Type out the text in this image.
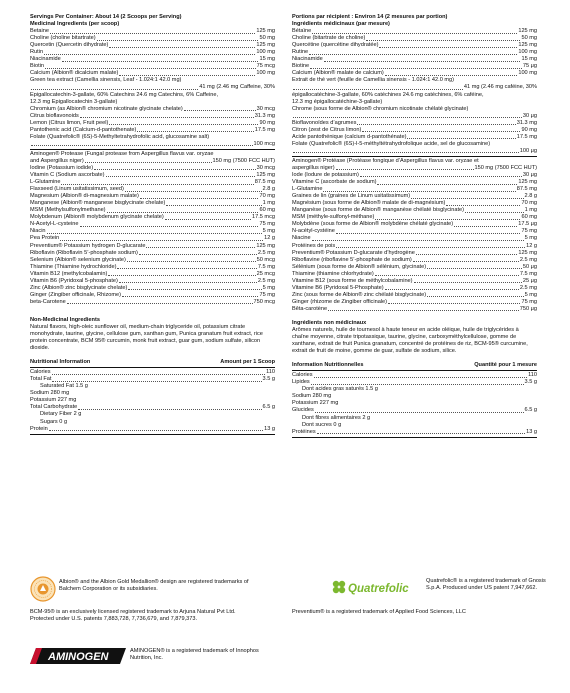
Servings Per Container: About 14 (2 Scoops per Serving)
Medicinal Ingredients (per scoop)
Betaine	125 mg
Choline (choline bitartrate)	50 mg
Quercetin (Quercetin dihydrate)	125 mg
Rutin	100 mg
Niacinamide	15 mg
Biotin	75 mcg
Calcium (Albion® dicalcium malate)	100 mg
Green tea extract (Camellia sinensis, Leaf - 1.024:1 42.0 mg)
41 mg (2.46 mg Caffeine, 30%
Epigallocatechin-3-gallate, 60% Catechins 24.6 mg Catechins, 6% Caffeine,
12.3 mg Epigallocatechin 3-gallate)
Chromium (as Albion® chromium nicotinate glycinate chelate)	30 mcg
Citrus bioflavonoids	31.3 mg
Lemon (Citrus limon, Fruit peel)	90 mg
Pantothenic acid (Calcium-d-pantothenate)	17.5 mg
Folate (Quatrefolic® (6S)-5-Methyltetrahydrofolic acid, glucosamine salt)
100 mcg
Aminogen® Protease (Fungal protease from Aspergillus flavus var. oryzae
and Aspergillus niger)	150 mg (7500 FCC HUT)
Iodine (Potassium iodide)	30 mcg
Vitamin C (Sodium ascorbate)	125 mg
L-Glutamine	87.5 mg
Flaxseed (Linum usitatissimum, seed)	2.8 g
Magnesium (Albion® di-magnesium malate)	70 mg
Manganese (Albion® manganese bisglycinate chelate)	1 mg
MSM (Methylsulfonylmethane)	60 mg
Molybdenum (Albion® molybdenum glycinate chelate)	17.5 mcg
N-Acetyl-L-cysteine	75 mg
Niacin	5 mg
Pea Protein	12 g
Preventium® Potassium hydrogen D-glucarate	125 mg
Riboflavin (Riboflavin 5’-phosphate sodium)	2.5 mg
Selenium (Albion® selenium glycinate)	50 mcg
Thiamine (Thiamine hydrochloride)	7.5 mg
Vitamin B12 (methylcobalamin)	25 mcg
Vitamin B6 (Pyridoxal 5-phosphate)	2.5 mg
Zinc (Albion® zinc bisglycinate chelate)	5 mg
Ginger (Zingiber officinale, Rhizome)	75 mg
beta-Carotene	750 mcg
Non-Medicinal Ingredients
Natural flavors, high-oleic sunflower oil, medium-chain triglyceride oil, potassium citrate monohydrate, taurine, glycine, cellulose gum, xanthan gum, Punica granatum fruit extract, rice protein concentrate, BCM 95® curcumin, monk fruit extract, guar gum, sodium sulfate, silicon dioxide.
Nutritional Information	Amount per 1 Scoop
Calories	110
Total Fat	3.5 g
Saturated Fat 1.5 g
Sodium 280 mg
Potassium 227 mg
Total Carbohydrate	6.5 g
Dietary Fiber 2 g
Sugars 0 g
Protein	13 g
Portions par récipient : Environ 14 (2 mesures par portion)
Ingrédients médicinaux (par mesure)
Bétaïne	125 mg
Choline (bitartrate de choline)	50 mg
Quercétine (quercétine dihydratée)	125 mg
Rutine	100 mg
Niacinamide	15 mg
Biotine	75 μg
Calcium (Albion® malate de calcium)	100 mg
Extrait de thé vert (feuille de Camellia sinensis - 1.024:1 42.0 mg)
41 mg (2.46 mg caféine, 30%
épigallocatéchine-3-gallate, 60% catéchines 24.6 mg catéchines, 6% caféine,
12.3 mg épigallocatéchine-3-gallate)
Chrome (sous forme de Albion® chromium nicotinate chélaté glycinate)
30 μg
Bioflavonoïdes d’agrumes	31.3 mg
Citron (zest de Citrus limon)	90 mg
Acide pantothénique (calcium d-pantothénate)	17.5 mg
Folate (Quatrefolic® (6S)-l-5-méthyltétrahydrofolique acide, sel de glucosamine)
100 μg
Aminogen® Protéase (Protéase fongique d’Aspergillus flavus var. oryzae et
aspergillus niger)	150 mg (7500 FCC HUT)
Iode (Iodure de potassium)	30 μg
Vitamine C (ascorbate de sodium)	125 mg
L-Glutamine	87.5 mg
Graines de lin (graines de Linum usitatissimum)	2.8 g
Magnésium (sous forme de Albion® malate de di-magnésium)	70 mg
Manganèse (sous forme de Albion® manganèse chélaté bisglycinate)	1 mg
MSM (méthyle-sulfonyl-méthane)	60 mg
Molybdène (sous forme de Albion® molybdène chélaté glycinate)	17.5 μg
N-acétyl-cystéine	75 mg
Niacine	5 mg
Protéines de pois	12 g
Preventium® Potassium D-glucarate d’hydrogène	125 mg
Riboflavine (riboflavine 5’-phosphate de sodium)	2.5 mg
Sélénium (sous forme de Albion® sélénium, glycinate)	50 μg
Thiamine (thiamine chlorhydrate)	7.5 mg
Vitamine B12 (sous forme de méthylcobalamine)	25 μg
Vitamine B6 (Pyridoxal 5-Phosphate)	2.5 mg
Zinc (sous forme de Albion® zinc chélaté bisglycinate)	5 mg
Ginger (rhizome de Zingiber officinale)	75 mg
Bêta-carotène	750 μg
Ingrédients non médicinaux
Arômes naturels, huile de tournesol à haute teneur en acide oléique, huile de triglycérides à chaîne moyenne, citrate tripotassique, taurine, glycine, carboxyméthylcellulose, gomme de xanthane, extrait de fruit Punica granatum, concentré de protéines de riz, BCM-95® curcumine, extrait de fruit de moine, gomme de guar, sulfate de sodium, silice.
Information Nutritionnelles	Quantité pour 1 mesure
Calories	110
Lipides	3.5 g
Dont acides gras saturés 1.5 g
Sodium 280 mg
Potassium 227 mg
Glucides	6.5 g
Dont fibres alimentaires 2 g
Dont sucres 0 g
Protéines	13 g
Albion® and the Albion Gold Medallion® design are registered trademarks of Balchem Corporation or its subsidiaries.
BCM-95® is an exclusively licensed registered trademark to Arjuna Natural Pvt Ltd. Protected under U.S. patents 7,883,728, 7,736,679, and 7,879,373.
AMINOGEN	AMINOGEN® is a registered trademark of Innophos Nutrition, Inc.
Quatrefolic
Quatrefolic® is a registered trademark of Gnosis S.p.A. Produced under US patent 7,947,662.
Preventium® is a registered trademark of Applied Food Sciences, LLC
